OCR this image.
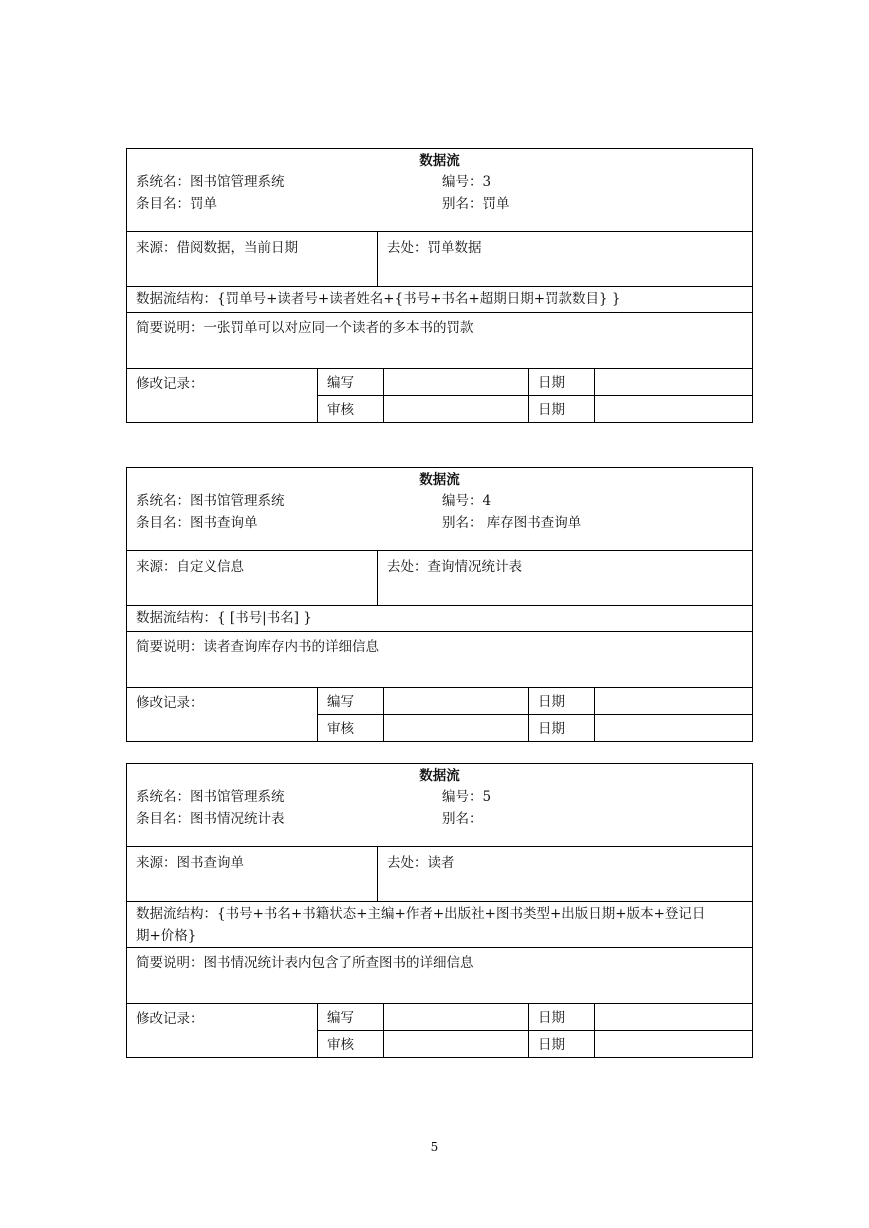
数据流
系统名：图书馆管理系统	编号：3
条目名：罚单	别名：罚单
来源：借阅数据，当前日期	去处：罚单数据
数据流结构：{罚单号+读者号+读者姓名+{书号+书名+超期日期+罚款数目} }
简要说明：一张罚单可以对应同一个读者的多本书的罚款
修改记录：	编写	日期
审核	日期
数据流
系统名：图书馆管理系统	编号：4
条目名：图书查询单	别名： 库存图书查询单
来源：自定义信息	去处：查询情况统计表
数据流结构：{ [书号|书名] }
简要说明：读者查询库存内书的详细信息
修改记录：	编写	日期
审核	日期
数据流
系统名：图书馆管理系统	编号：5
条目名：图书情况统计表	别名：
来源：图书查询单	去处：读者
数据流结构：{书号+书名+书籍状态+主编+作者+出版社+图书类型+出版日期+版本+登记日
期+价格}
简要说明：图书情况统计表内包含了所查图书的详细信息
修改记录：	编写	日期
审核	日期
5
